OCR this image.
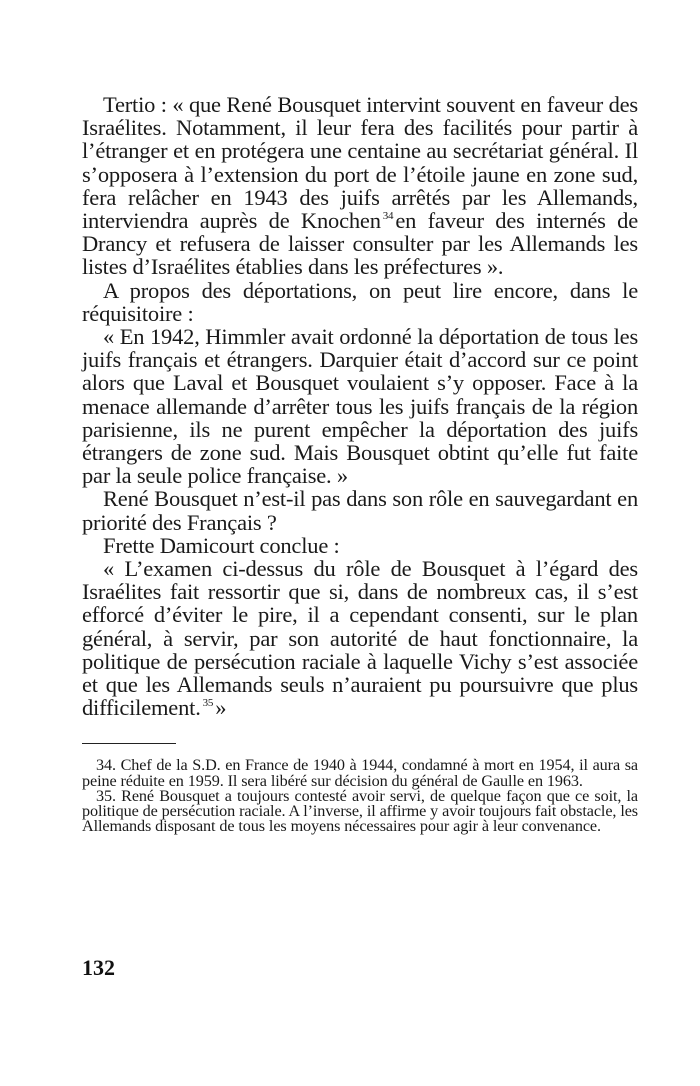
Tertio : « que René Bousquet intervint souvent en faveur des Israélites. Notamment, il leur fera des facilités pour partir à l’étranger et en protégera une centaine au secrétariat général. Il s’opposera à l’extension du port de l’étoile jaune en zone sud, fera relâcher en 1943 des juifs arrêtés par les Allemands, interviendra auprès de Knochen $^{34}$en faveur des internés de Drancy et refusera de laisser consulter par les Allemands les listes d’Israélites établies dans les préfectures ».

A propos des déportations, on peut lire encore, dans le réquisitoire :

« En 1942, Himmler avait ordonné la déportation de tous les juifs français et étrangers. Darquier était d’accord sur ce point alors que Laval et Bousquet voulaient s’y opposer. Face à la menace allemande d’arrêter tous les juifs français de la région parisienne, ils ne purent empêcher la déportation des juifs étrangers de zone sud. Mais Bousquet obtint qu’elle fut faite par la seule police française. »

René Bousquet n’est-il pas dans son rôle en sauvegardant en priorité des Français ?

Frette Damicourt conclue :

« L’examen ci-dessus du rôle de Bousquet à l’égard des Israélites fait ressortir que si, dans de nombreux cas, il s’est efforcé d’éviter le pire, il a cependant consenti, sur le plan général, à servir, par son autorité de haut fonctionnaire, la politique de persécution raciale à laquelle Vichy s’est associée et que les Allemands seuls n’auraient pu poursuivre que plus difficilement. $^{35}$»

34. Chef de la S.D. en France de 1940 à 1944, condamné à mort en 1954, il aura sa peine réduite en 1959. Il sera libéré sur décision du général de Gaulle en 1963.

35. René Bousquet a toujours contesté avoir servi, de quelque façon que ce soit, la politique de persécution raciale. A l’inverse, il affirme y avoir toujours fait obstacle, les Allemands disposant de tous les moyens nécessaires pour agir à leur convenance.

132
